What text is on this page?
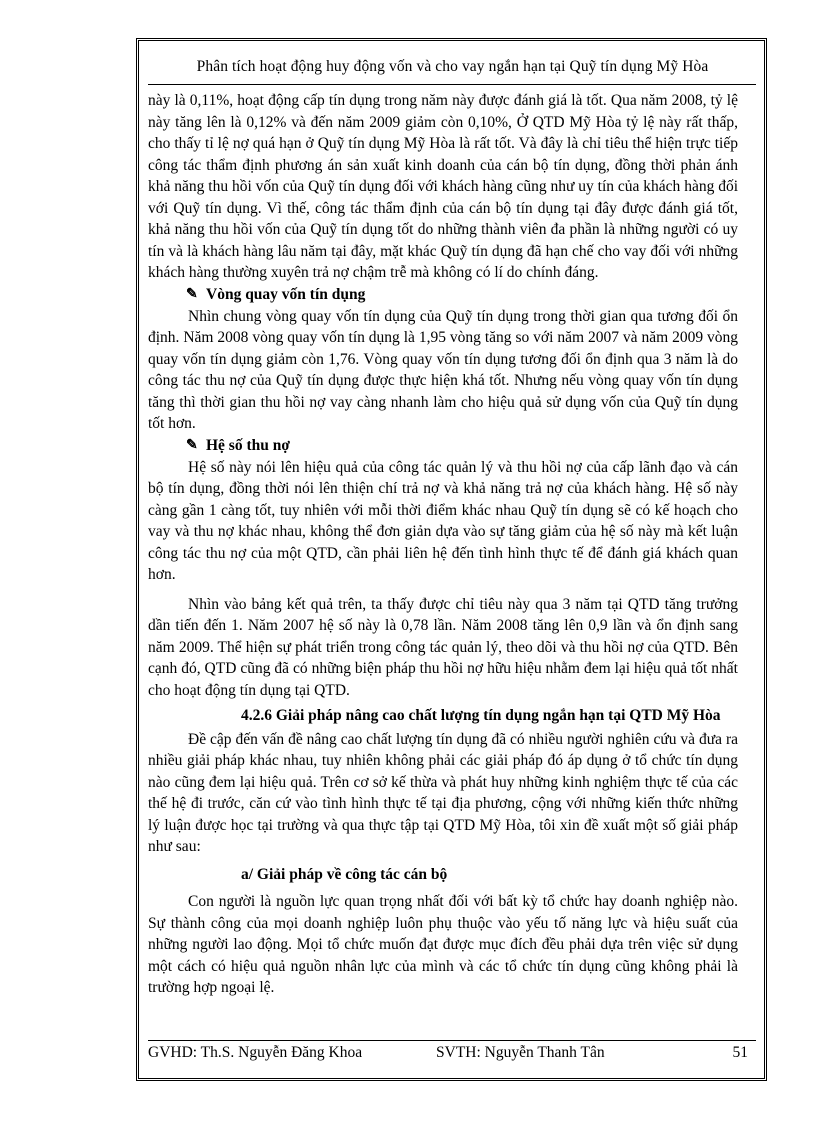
Phân tích hoạt động huy động vốn và cho vay ngắn hạn tại Quỹ tín dụng Mỹ Hòa

này là 0,11%, hoạt động cấp tín dụng trong năm này được đánh giá là tốt. Qua năm 2008, tỷ lệ này tăng lên là 0,12% và đến năm 2009 giảm còn 0,10%, Ở QTD Mỹ Hòa tỷ lệ này rất thấp, cho thấy tỉ lệ nợ quá hạn ở Quỹ tín dụng Mỹ Hòa là rất tốt. Và đây là chỉ tiêu thể hiện trực tiếp công tác thẩm định phương án sản xuất kinh doanh của cán bộ tín dụng, đồng thời phản ánh khả năng thu hồi vốn của Quỹ tín dụng đối với khách hàng cũng như uy tín của khách hàng đối với Quỹ tín dụng. Vì thế, công tác thẩm định của cán bộ tín dụng tại đây được đánh giá tốt, khả năng thu hồi vốn của Quỹ tín dụng tốt do những thành viên đa phần là những người có uy tín và là khách hàng lâu năm tại đây, mặt khác Quỹ tín dụng đã hạn chế cho vay đối với những khách hàng thường xuyên trả nợ chậm trễ mà không có lí do chính đáng.

✎ Vòng quay vốn tín dụng

Nhìn chung vòng quay vốn tín dụng của Quỹ tín dụng trong thời gian qua tương đối ổn định. Năm 2008 vòng quay vốn tín dụng là 1,95 vòng tăng so với năm 2007 và năm 2009 vòng quay vốn tín dụng giảm còn 1,76. Vòng quay vốn tín dụng tương đối ổn định qua 3 năm là do công tác thu nợ của Quỹ tín dụng được thực hiện khá tốt. Nhưng nếu vòng quay vốn tín dụng tăng thì thời gian thu hồi nợ vay càng nhanh làm cho hiệu quả sử dụng vốn của Quỹ tín dụng tốt hơn.

✎ Hệ số thu nợ

Hệ số này nói lên hiệu quả của công tác quản lý và thu hồi nợ của cấp lãnh đạo và cán bộ tín dụng, đồng thời nói lên thiện chí trả nợ và khả năng trả nợ của khách hàng. Hệ số này càng gần 1 càng tốt, tuy nhiên với mỗi thời điểm khác nhau Quỹ tín dụng sẽ có kế hoạch cho vay và thu nợ khác nhau, không thể đơn giản dựa vào sự tăng giảm của hệ số này mà kết luận công tác thu nợ của một QTD, cần phải liên hệ đến tình hình thực tế để đánh giá khách quan hơn.

Nhìn vào bảng kết quả trên, ta thấy được chỉ tiêu này qua 3 năm tại QTD tăng trưởng dần tiến đến 1. Năm 2007 hệ số này là 0,78 lần. Năm 2008 tăng lên 0,9 lần và ổn định sang năm 2009. Thể hiện sự phát triển trong công tác quản lý, theo dõi và thu hồi nợ của QTD. Bên cạnh đó, QTD cũng đã có những biện pháp thu hồi nợ hữu hiệu nhằm đem lại hiệu quả tốt nhất cho hoạt động tín dụng tại QTD.

4.2.6 Giải pháp nâng cao chất lượng tín dụng ngắn hạn tại QTD Mỹ Hòa

Đề cập đến vấn đề nâng cao chất lượng tín dụng đã có nhiều người nghiên cứu và đưa ra nhiều giải pháp khác nhau, tuy nhiên không phải các giải pháp đó áp dụng ở tổ chức tín dụng nào cũng đem lại hiệu quả. Trên cơ sở kế thừa và phát huy những kinh nghiệm thực tế của các thế hệ đi trước, căn cứ vào tình hình thực tế tại địa phương, cộng với những kiến thức những lý luận được học tại trường và qua thực tập tại QTD Mỹ Hòa, tôi xin đề xuất một số giải pháp như sau:

a/ Giải pháp về công tác cán bộ

Con người là nguồn lực quan trọng nhất đối với bất kỳ tổ chức hay doanh nghiệp nào. Sự thành công của mọi doanh nghiệp luôn phụ thuộc vào yếu tố năng lực và hiệu suất của những người lao động. Mọi tổ chức muốn đạt được mục đích đều phải dựa trên việc sử dụng một cách có hiệu quả nguồn nhân lực của mình và các tổ chức tín dụng cũng không phải là trường hợp ngoại lệ.

GVHD: Th.S. Nguyễn Đăng Khoa	SVTH: Nguyễn Thanh Tân	51
